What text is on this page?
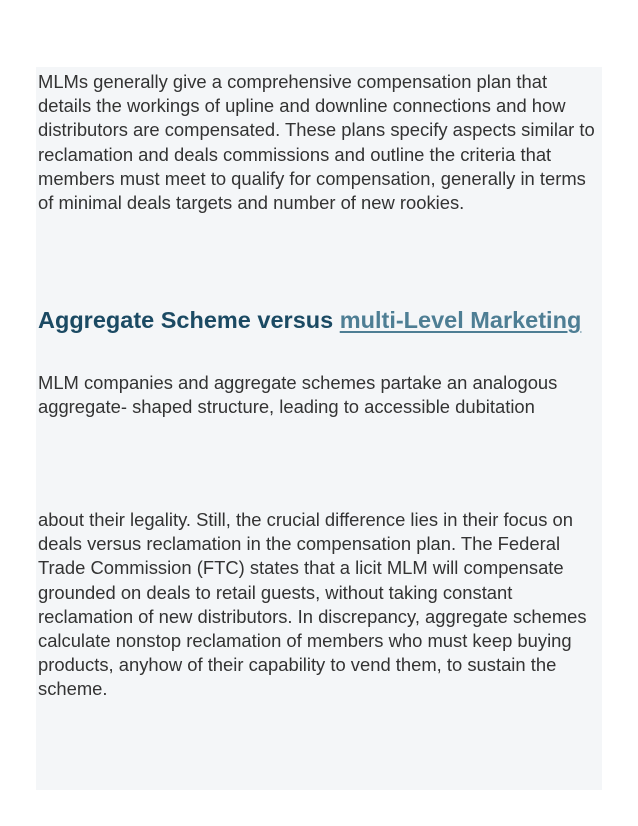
MLMs generally give a comprehensive compensation plan that details the workings of upline and downline connections and how distributors are compensated. These plans specify aspects similar to reclamation and deals commissions and outline the criteria that members must meet to qualify for compensation, generally in terms of minimal deals targets and number of new rookies.

Aggregate Scheme versus multi-Level Marketing

MLM companies and aggregate schemes partake an analogous aggregate- shaped structure, leading to accessible dubitation

about their legality. Still, the crucial difference lies in their focus on deals versus reclamation in the compensation plan. The Federal Trade Commission (FTC) states that a licit MLM will compensate grounded on deals to retail guests, without taking constant reclamation of new distributors. In discrepancy, aggregate schemes calculate nonstop reclamation of members who must keep buying products, anyhow of their capability to vend them, to sustain the scheme.
